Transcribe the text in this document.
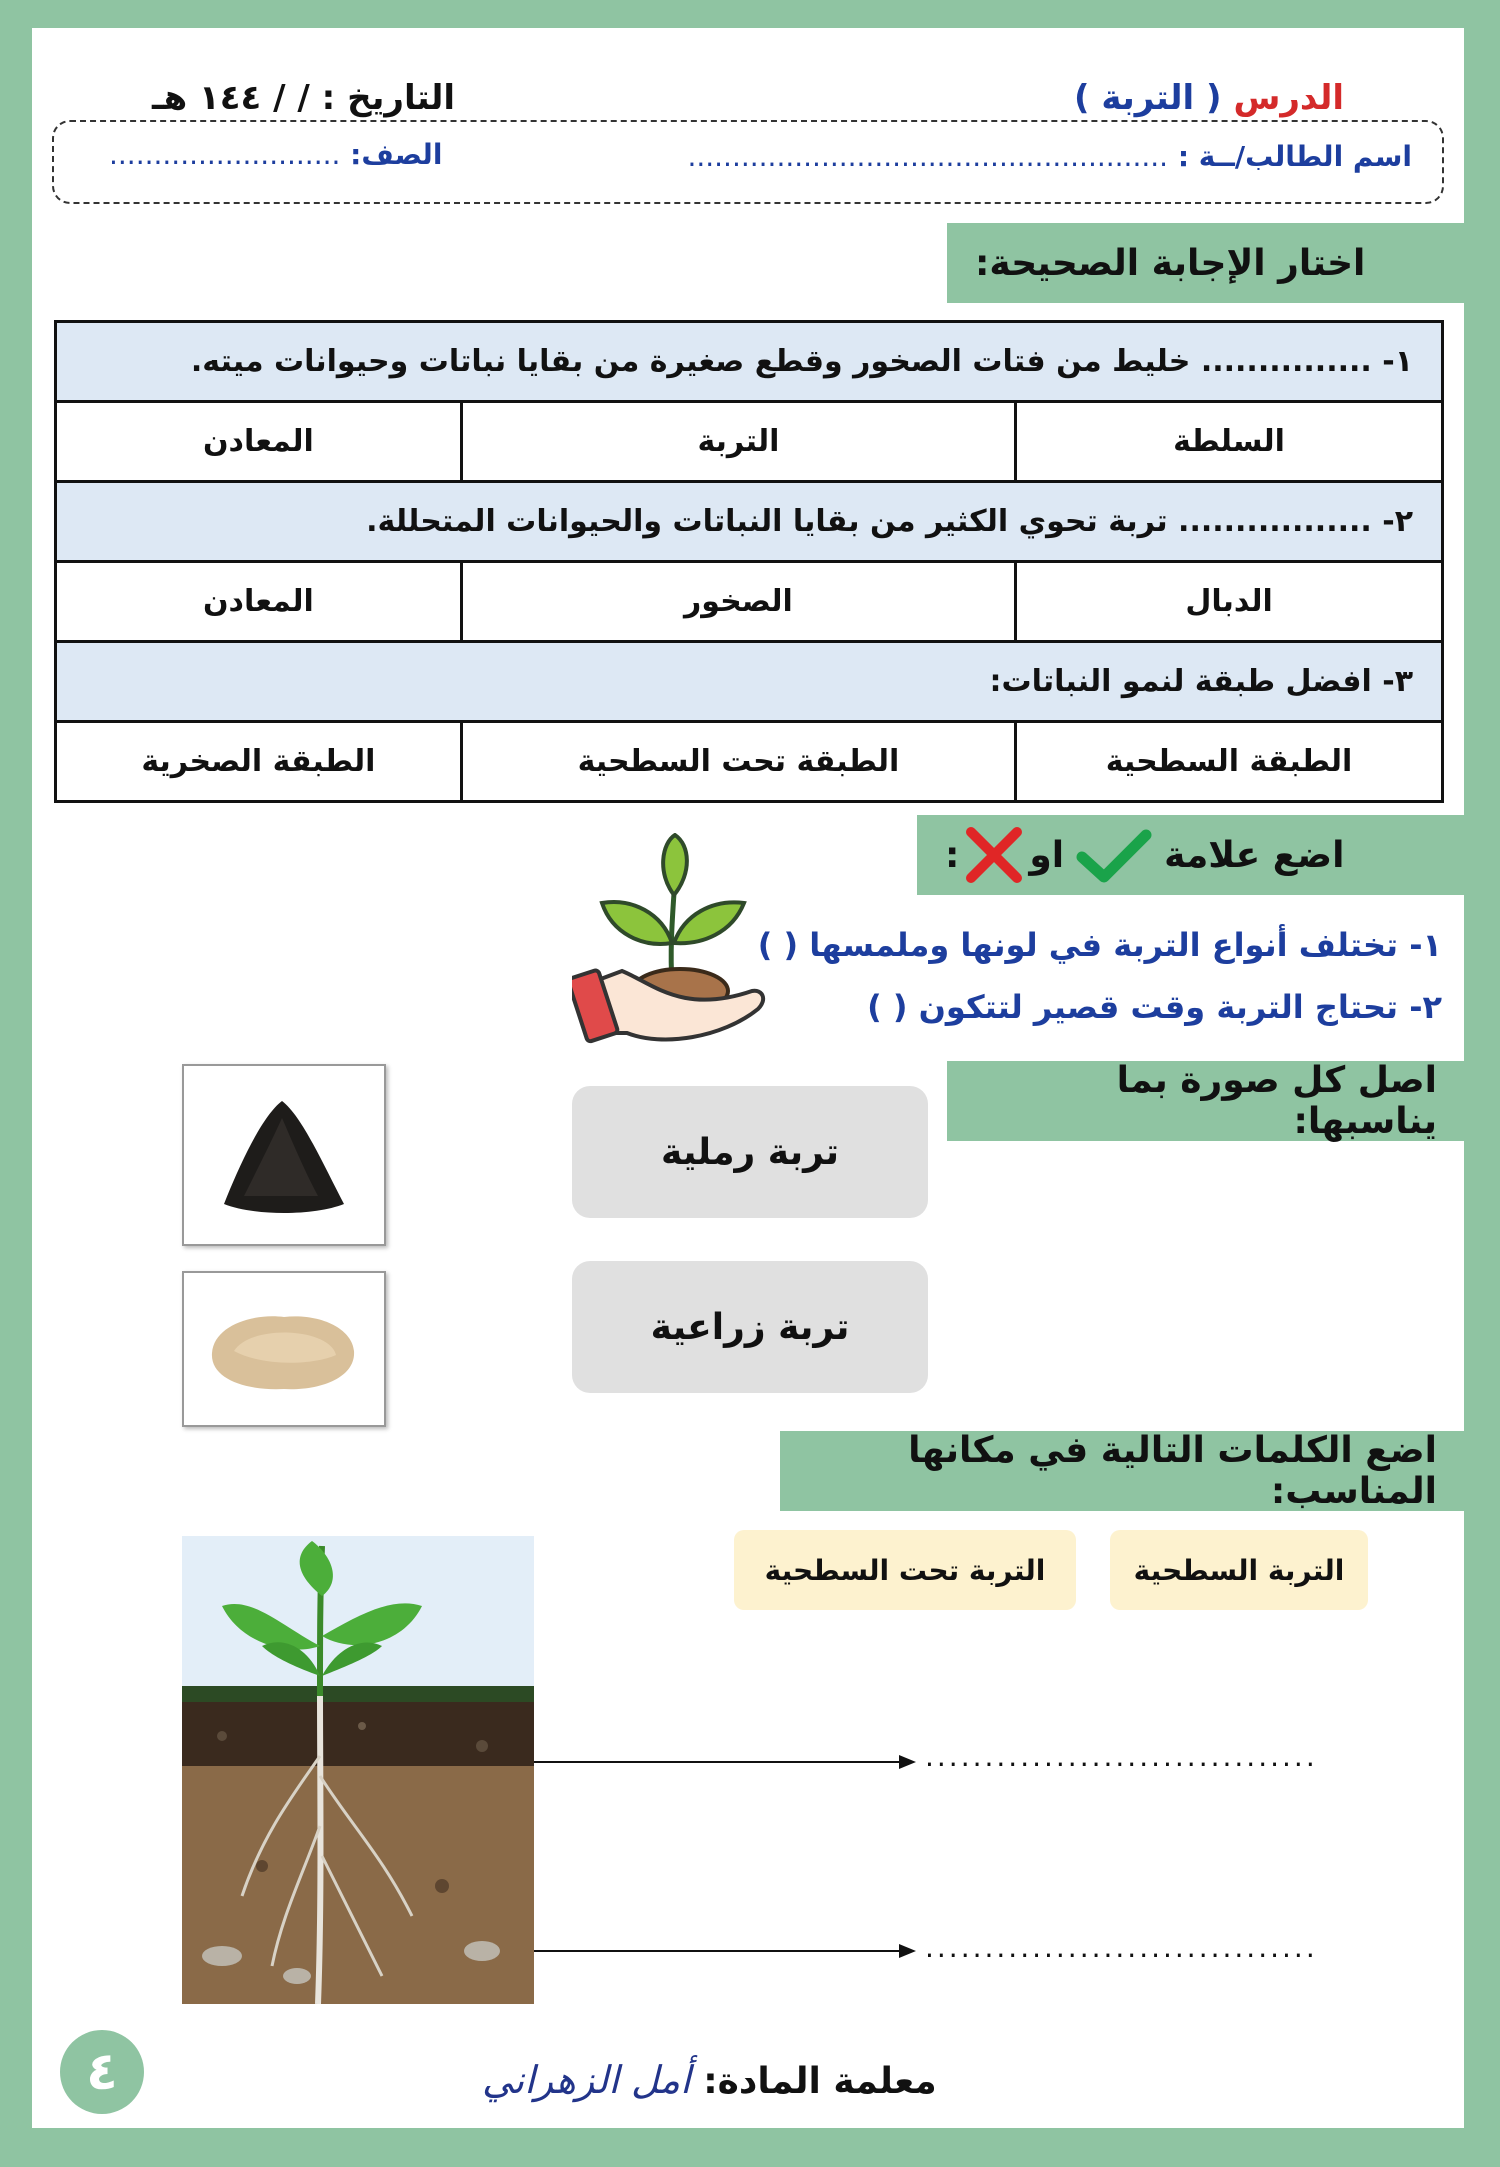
الدرس ( التربة )
التاريخ : / / ١٤٤ هـ
اسم الطالب/ــة : ......................................................
الصف: ..........................
اختار الإجابة الصحيحة:
١- ............... خليط من فتات الصخور وقطع صغيرة من بقايا نباتات وحيوانات ميته.		
السلطة	التربة	المعادن
٢- ................. تربة تحوي الكثير من بقايا النباتات والحيوانات المتحللة.		
الدبال	الصخور	المعادن
٣- افضل طبقة لنمو النباتات:		
الطبقة السطحية	الطبقة تحت السطحية	الطبقة الصخرية
اضع علامة
او
:
١- تختلف أنواع التربة في لونها وملمسها ( )
٢- تحتاج التربة وقت قصير لتتكون ( )
اصل كل صورة بما يناسبها:
تربة رملية
تربة زراعية
اضع الكلمات التالية في مكانها المناسب:
التربة السطحية
التربة تحت السطحية
.................................
.................................
معلمة المادة: أمل الزهراني
٤
